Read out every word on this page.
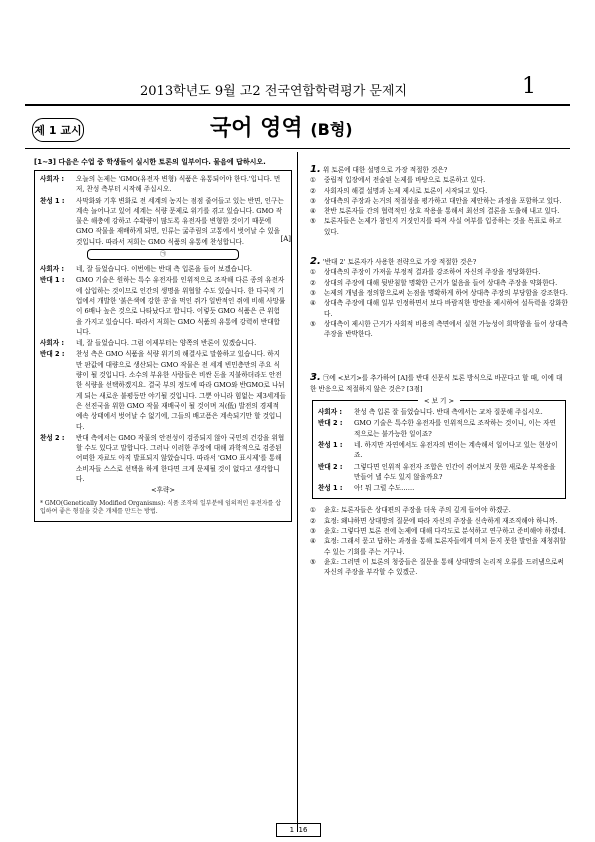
2013학년도 9월 고2 전국연합학력평가 문제지	1
제 1 교시	국어 영역 (B형)
[1~3] 다음은 수업 중 학생들이 실시한 토론의 일부이다. 물음에 답하시오.
사회자 :	오늘의 논제는 'GMO(유전자 변형) 식품은 유통되어야 한다.'입니다. 먼저, 찬성 측부터 시작해 주십시오.
찬성 1 :	사막화와 기후 변화로 전 세계의 농지는 점점 줄어들고 있는 반면, 인구는 계속 늘어나고 있어 세계는 식량 문제로 위기를 겪고 있습니다. GMO 작물은 해충에 강하고 수확량이 많도록 유전자를 변형한 것이기 때문에 GMO 작물을 재배하게 되면, 인류는 굶주림의 고통에서 벗어날 수 있을 것입니다. 따라서 저희는 GMO 식품의 유통에 찬성합니다.	[A]
㉠
사회자 :	네, 잘 들었습니다. 이번에는 반대 측 입론을 들어 보겠습니다.
반대 1 :	GMO 기술은 원하는 특수 유전자를 인위적으로 조작해 다른 종의 유전자에 삽입하는 것이므로 인간의 생명을 위협할 수도 있습니다. 한 다국적 기업에서 개발한 '붉은색에 강한 콩'을 먹인 쥐가 일반적인 쥐에 비해 사망률이 6배나 높은 것으로 나타났다고 합니다. 이렇듯 GMO 식품은 큰 위험을 가지고 있습니다. 따라서 저희는 GMO 식품의 유통에 강력히 반대합니다.
사회자 :	네, 잘 들었습니다. 그럼 이제부터는 양쪽의 반론이 있겠습니다.
반대 2 :	찬성 측은 GMO 식품을 식량 위기의 해결사로 말씀하고 있습니다. 하지만 판값에 대량으로 생산되는 GMO 작물은 전 세계 빈민층만의 주요 식량이 될 것입니다. 소수의 부유한 사람들은 비싼 돈을 지불하더라도 안전한 식량을 선택하겠지요. 결국 부의 정도에 따라 GMO와 반GMO로 나뉘게 되는 새로운 불평등만 야기될 것입니다. 그뿐 아니라 힘없는 제3세계들은 선진국을 위한 GMO 작물 재배국이 될 것이며 저(低) 발전의 경제적 예속 상태에서 벗어날 수 없기에, 그들의 배고픔은 계속되기만 할 것입니다.
찬성 2 :	반대 측에서는 GMO 작물의 안전성이 검증되지 않아 국민의 건강을 위협할 수도 있다고 말합니다. 그러나 이러한 주장에 대해 과학적으로 검증된 어떠한 자료도 아직 발표되지 않았습니다. 따라서 'GMO 표시제'를 통해 소비자들 스스로 선택을 하게 한다면 크게 문제될 것이 없다고 생각합니다.
<후략>
* GMO(Genetically Modified Organisms): 식품 조작의 일부분에 임의적인 유전자를 삽입하여 좋은 형질을 갖춘 개체를 만드는 방법.
1. 위 토론에 대한 설명으로 가장 적절한 것은?
①	중립적 입장에서 전술된 논제를 바탕으로 토론하고 있다.
②	사회자의 해결 설명과 논제 제시로 토론이 시작되고 있다.
③	상대측의 주장과 논거의 적절성을 평가하고 대안을 제안하는 과정을 포함하고 있다.
④	찬반 토론자들 간의 협력적인 상호 작용을 통해서 최선의 결론을 도출해 내고 있다.
⑤	토론자들은 논제가 참인지 거짓인지를 따져 사실 여부를 입증하는 것을 목표로 하고 있다.
2. '반대 2' 토론자가 사용한 전략으로 가장 적절한 것은?
①	상대측의 주장이 가져올 부정적 결과를 강조하여 자신의 주장을 정당화한다.
②	상대의 주장에 대해 뒷받침할 명확한 근거가 없음을 들어 상대측 주장을 약화한다.
③	논제의 개념을 정의함으로써 논점을 명확하게 하여 상대측 주장의 부당함을 강조한다.
④	상대측 주장에 대해 일부 인정하면서 보다 바람직한 방안을 제시하여 설득력을 강화한다.
⑤	상대측이 제시한 근거가 사회적 비용의 측면에서 실현 가능성이 희박함을 들어 상대측 주장을 반박한다.
3. ㉠에 <보기>를 추가하여 [A]를 반대 신문식 토론 방식으로 바꾼다고 할 때, 이에 대한 반응으로 적절하지 않은 것은? [3점]
< 보 기 >
사회자 :	찬성 측 입론 잘 들었습니다. 반대 측에서는 교차 질문해 주십시오.
반대 2 :	GMO 기술은 특수한 유전자를 인위적으로 조작하는 것이니, 이는 자연적으로는 불가능한 일이죠?
찬성 1 :	네. 하지만 자연에서도 유전자의 변이는 계속해서 일어나고 있는 현상이죠.
반대 2 :	그렇다면 인위적 유전자 조합은 인간이 쥐어보지 못한 새로운 부작용을 만들어 낼 수도 있지 않을까요?
찬성 1 :	아! 뭐 그럴 수도……
①	윤호: 토론자들은 상대편의 주장을 더욱 주의 깊게 들어야 하겠군.
②	효정: 왜냐하면 상대방의 질문에 따라 자신의 주장을 신속하게 재조직해야 하니까.
③	윤호: 그렇다면 토론 전에 논제에 대해 다각도로 분석하고 연구하고 준비해야 하겠네.
④	효정: 그래서 묻고 답하는 과정을 통해 토론자들에게 미처 듣지 못한 발언을 재청취할 수 있는 기회를 주는 거구나.
⑤	윤호: 그러면 이 토론의 청중들은 질문을 통해 상대방의 논리적 오류를 드러냄으로써 자신의 주장을 부각할 수 있겠군.
1
16
